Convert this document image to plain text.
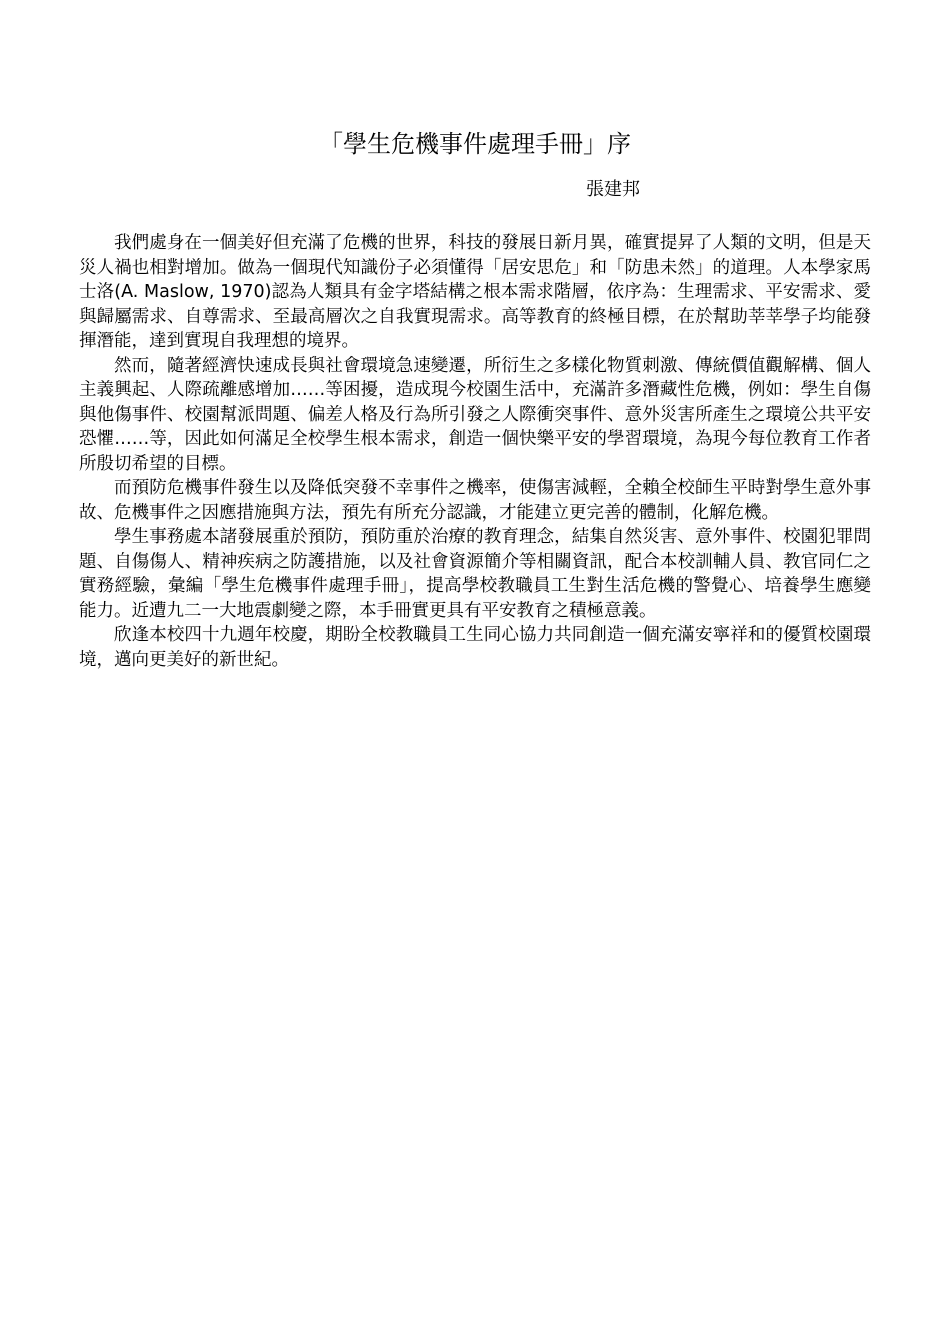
「學生危機事件處理手冊」序
張建邦

我們處身在一個美好但充滿了危機的世界，科技的發展日新月異，確實提昇了人類的文明，但是天災人禍也相對增加。做為一個現代知識份子必須懂得「居安思危」和「防患未然」的道理。人本學家馬士洛(A. Maslow, 1970)認為人類具有金字塔結構之根本需求階層，依序為：生理需求、平安需求、愛與歸屬需求、自尊需求、至最高層次之自我實現需求。高等教育的終極目標，在於幫助莘莘學子均能發揮潛能，達到實現自我理想的境界。

然而，隨著經濟快速成長與社會環境急速變遷，所衍生之多樣化物質刺激、傳統價值觀解構、個人主義興起、人際疏離感增加……等困擾，造成現今校園生活中，充滿許多潛藏性危機，例如：學生自傷與他傷事件、校園幫派問題、偏差人格及行為所引發之人際衝突事件、意外災害所產生之環境公共平安恐懼……等，因此如何滿足全校學生根本需求，創造一個快樂平安的學習環境，為現今每位教育工作者所殷切希望的目標。

而預防危機事件發生以及降低突發不幸事件之機率，使傷害減輕，全賴全校師生平時對學生意外事故、危機事件之因應措施與方法，預先有所充分認識，才能建立更完善的體制，化解危機。

學生事務處本諸發展重於預防，預防重於治療的教育理念，結集自然災害、意外事件、校園犯罪問題、自傷傷人、精神疾病之防護措施，以及社會資源簡介等相關資訊，配合本校訓輔人員、教官同仁之實務經驗，彙編「學生危機事件處理手冊」，提高學校教職員工生對生活危機的警覺心、培養學生應變能力。近遭九二一大地震劇變之際，本手冊實更具有平安教育之積極意義。

欣逢本校四十九週年校慶，期盼全校教職員工生同心協力共同創造一個充滿安寧祥和的優質校園環境，邁向更美好的新世紀。
